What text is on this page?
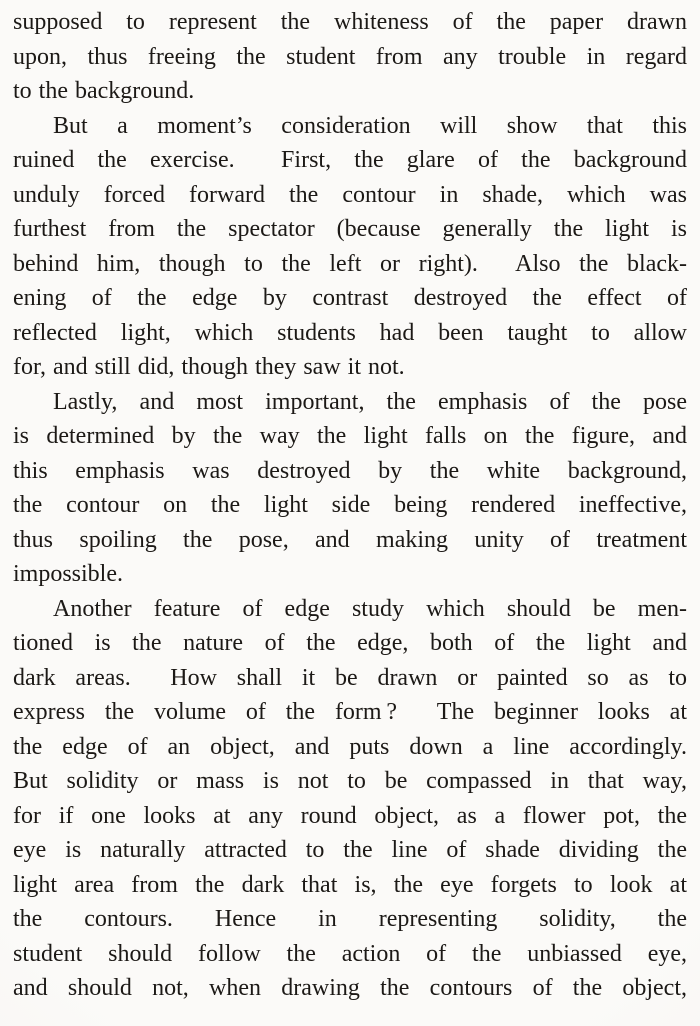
supposed to represent the whiteness of the paper drawn
upon, thus freeing the student from any trouble in regard
to the background.
But a moment’s consideration will show that this
ruined the exercise.  First, the glare of the background
unduly forced forward the contour in shade, which was
furthest from the spectator (because generally the light is
behind him, though to the left or right).  Also the black-
ening of the edge by contrast destroyed the effect of
reflected light, which students had been taught to allow
for, and still did, though they saw it not.
Lastly, and most important, the emphasis of the pose
is determined by the way the light falls on the figure, and
this emphasis was destroyed by the white background,
the contour on the light side being rendered ineffective,
thus spoiling the pose, and making unity of treatment
impossible.
Another feature of edge study which should be men-
tioned is the nature of the edge, both of the light and
dark areas.  How shall it be drawn or painted so as to
express the volume of the form ?  The beginner looks at
the edge of an object, and puts down a line accordingly.
But solidity or mass is not to be compassed in that way,
for if one looks at any round object, as a flower pot, the
eye is naturally attracted to the line of shade dividing the
light area from the dark that is, the eye forgets to look at
the contours. Hence in representing solidity, the
student should follow the action of the unbiassed eye,
and should not, when drawing the contours of the object,
